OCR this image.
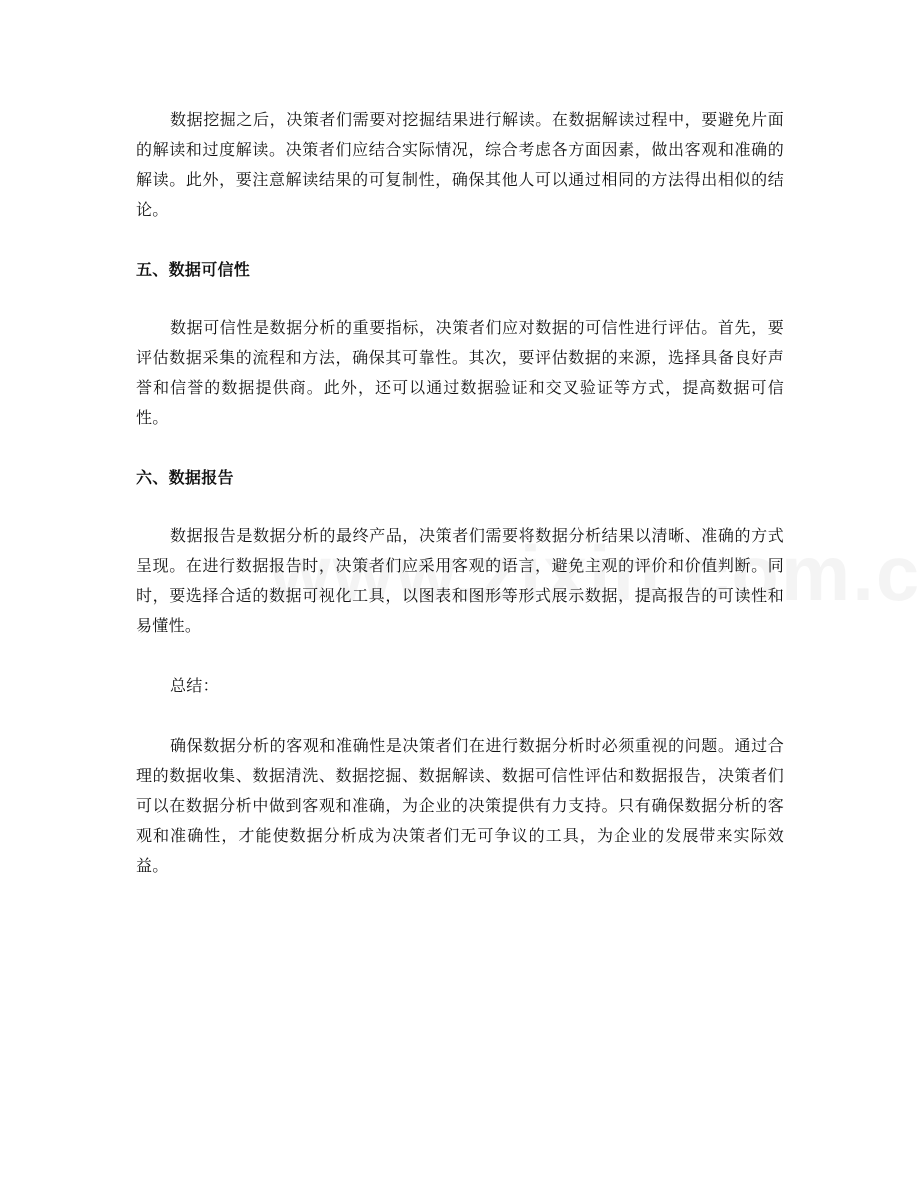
数据挖掘之后，决策者们需要对挖掘结果进行解读。在数据解读过程中，要避免片面的解读和过度解读。决策者们应结合实际情况，综合考虑各方面因素，做出客观和准确的解读。此外，要注意解读结果的可复制性，确保其他人可以通过相同的方法得出相似的结论。

五、数据可信性

数据可信性是数据分析的重要指标，决策者们应对数据的可信性进行评估。首先，要评估数据采集的流程和方法，确保其可靠性。其次，要评估数据的来源，选择具备良好声誉和信誉的数据提供商。此外，还可以通过数据验证和交叉验证等方式，提高数据可信性。

六、数据报告

数据报告是数据分析的最终产品，决策者们需要将数据分析结果以清晰、准确的方式呈现。在进行数据报告时，决策者们应采用客观的语言，避免主观的评价和价值判断。同时，要选择合适的数据可视化工具，以图表和图形等形式展示数据，提高报告的可读性和易懂性。

总结：

确保数据分析的客观和准确性是决策者们在进行数据分析时必须重视的问题。通过合理的数据收集、数据清洗、数据挖掘、数据解读、数据可信性评估和数据报告，决策者们可以在数据分析中做到客观和准确，为企业的决策提供有力支持。只有确保数据分析的客观和准确性，才能使数据分析成为决策者们无可争议的工具，为企业的发展带来实际效益。
